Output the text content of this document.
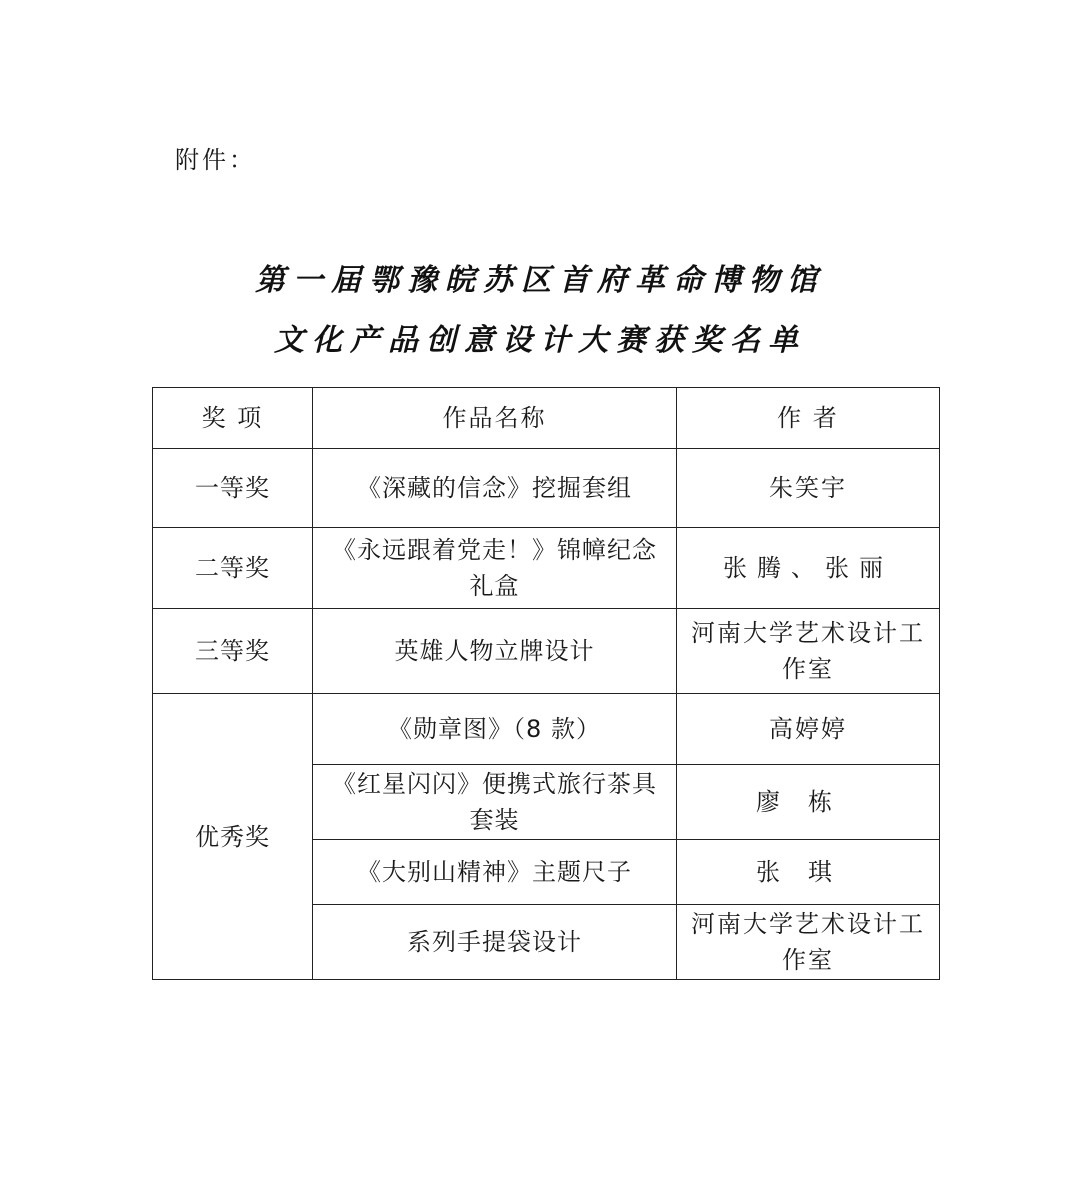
附件：
第一届鄂豫皖苏区首府革命博物馆
文化产品创意设计大赛获奖名单
奖 项	作品名称	作 者
一等奖	《深藏的信念》挖掘套组	朱笑宇
二等奖	《永远跟着党走！》锦幛纪念礼盒	张腾、张丽
三等奖	英雄人物立牌设计	河南大学艺术设计工作室
优秀奖	《勋章图》（8 款）	高婷婷
	《红星闪闪》便携式旅行茶具套装	廖栋
	《大别山精神》主题尺子	张琪
	系列手提袋设计	河南大学艺术设计工作室
